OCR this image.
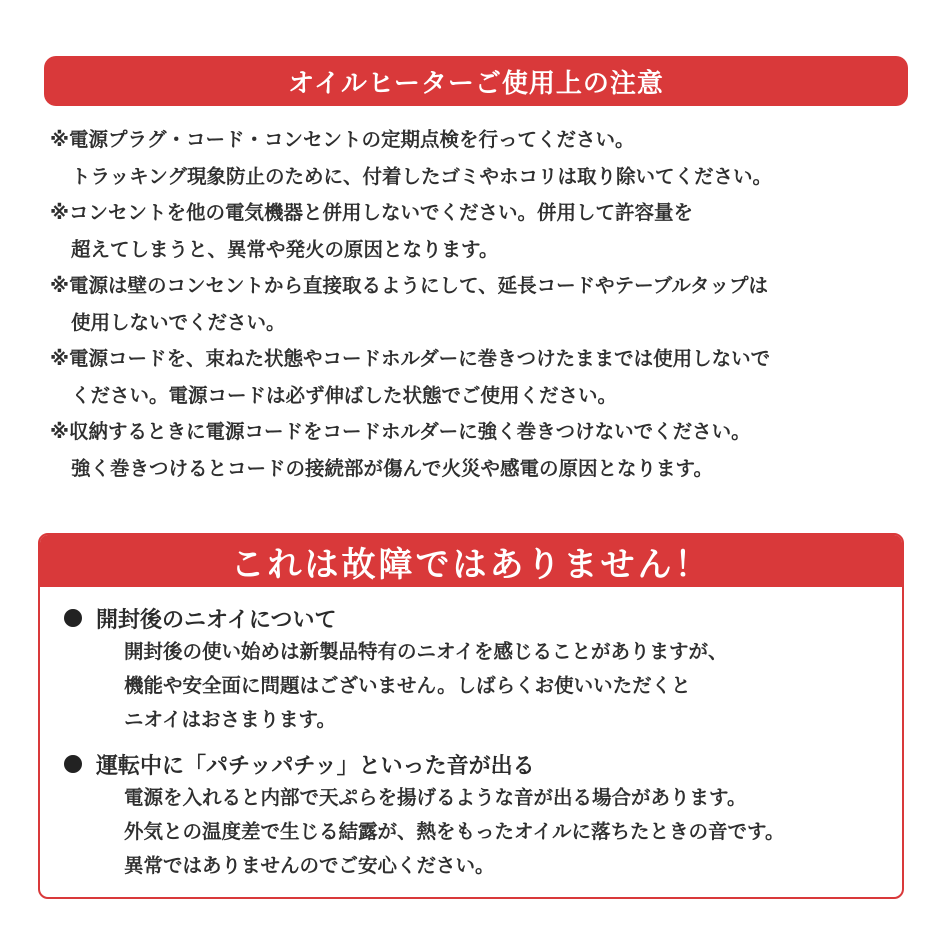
オイルヒーターご使用上の注意
※電源プラグ・コード・コンセントの定期点検を行ってください。
トラッキング現象防止のために、付着したゴミやホコリは取り除いてください。
※コンセントを他の電気機器と併用しないでください。併用して許容量を
超えてしまうと、異常や発火の原因となります。
※電源は壁のコンセントから直接取るようにして、延長コードやテーブルタップは
使用しないでください。
※電源コードを、束ねた状態やコードホルダーに巻きつけたままでは使用しないで
ください。電源コードは必ず伸ばした状態でご使用ください。
※収納するときに電源コードをコードホルダーに強く巻きつけないでください。
強く巻きつけるとコードの接続部が傷んで火災や感電の原因となります。
これは故障ではありません！
開封後のニオイについて
開封後の使い始めは新製品特有のニオイを感じることがありますが、
機能や安全面に問題はございません。しばらくお使いいただくと
ニオイはおさまります。
運転中に「パチッパチッ」といった音が出る
電源を入れると内部で天ぷらを揚げるような音が出る場合があります。
外気との温度差で生じる結露が、熱をもったオイルに落ちたときの音です。
異常ではありませんのでご安心ください。
